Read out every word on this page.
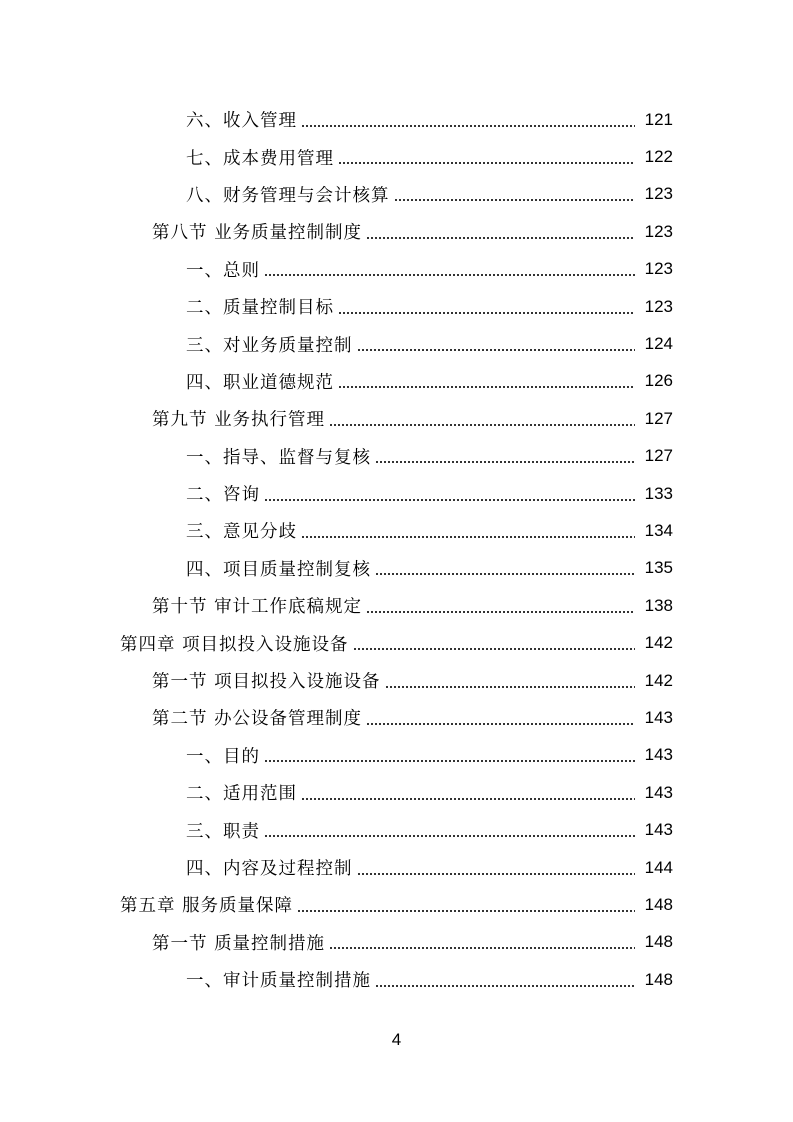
六、收入管理	121
七、成本费用管理	122
八、财务管理与会计核算	123
第八节 业务质量控制制度	123
一、总则	123
二、质量控制目标	123
三、对业务质量控制	124
四、职业道德规范	126
第九节 业务执行管理	127
一、指导、监督与复核	127
二、咨询	133
三、意见分歧	134
四、项目质量控制复核	135
第十节 审计工作底稿规定	138
第四章 项目拟投入设施设备	142
第一节 项目拟投入设施设备	142
第二节 办公设备管理制度	143
一、目的	143
二、适用范围	143
三、职责	143
四、内容及过程控制	144
第五章 服务质量保障	148
第一节 质量控制措施	148
一、审计质量控制措施	148
4
